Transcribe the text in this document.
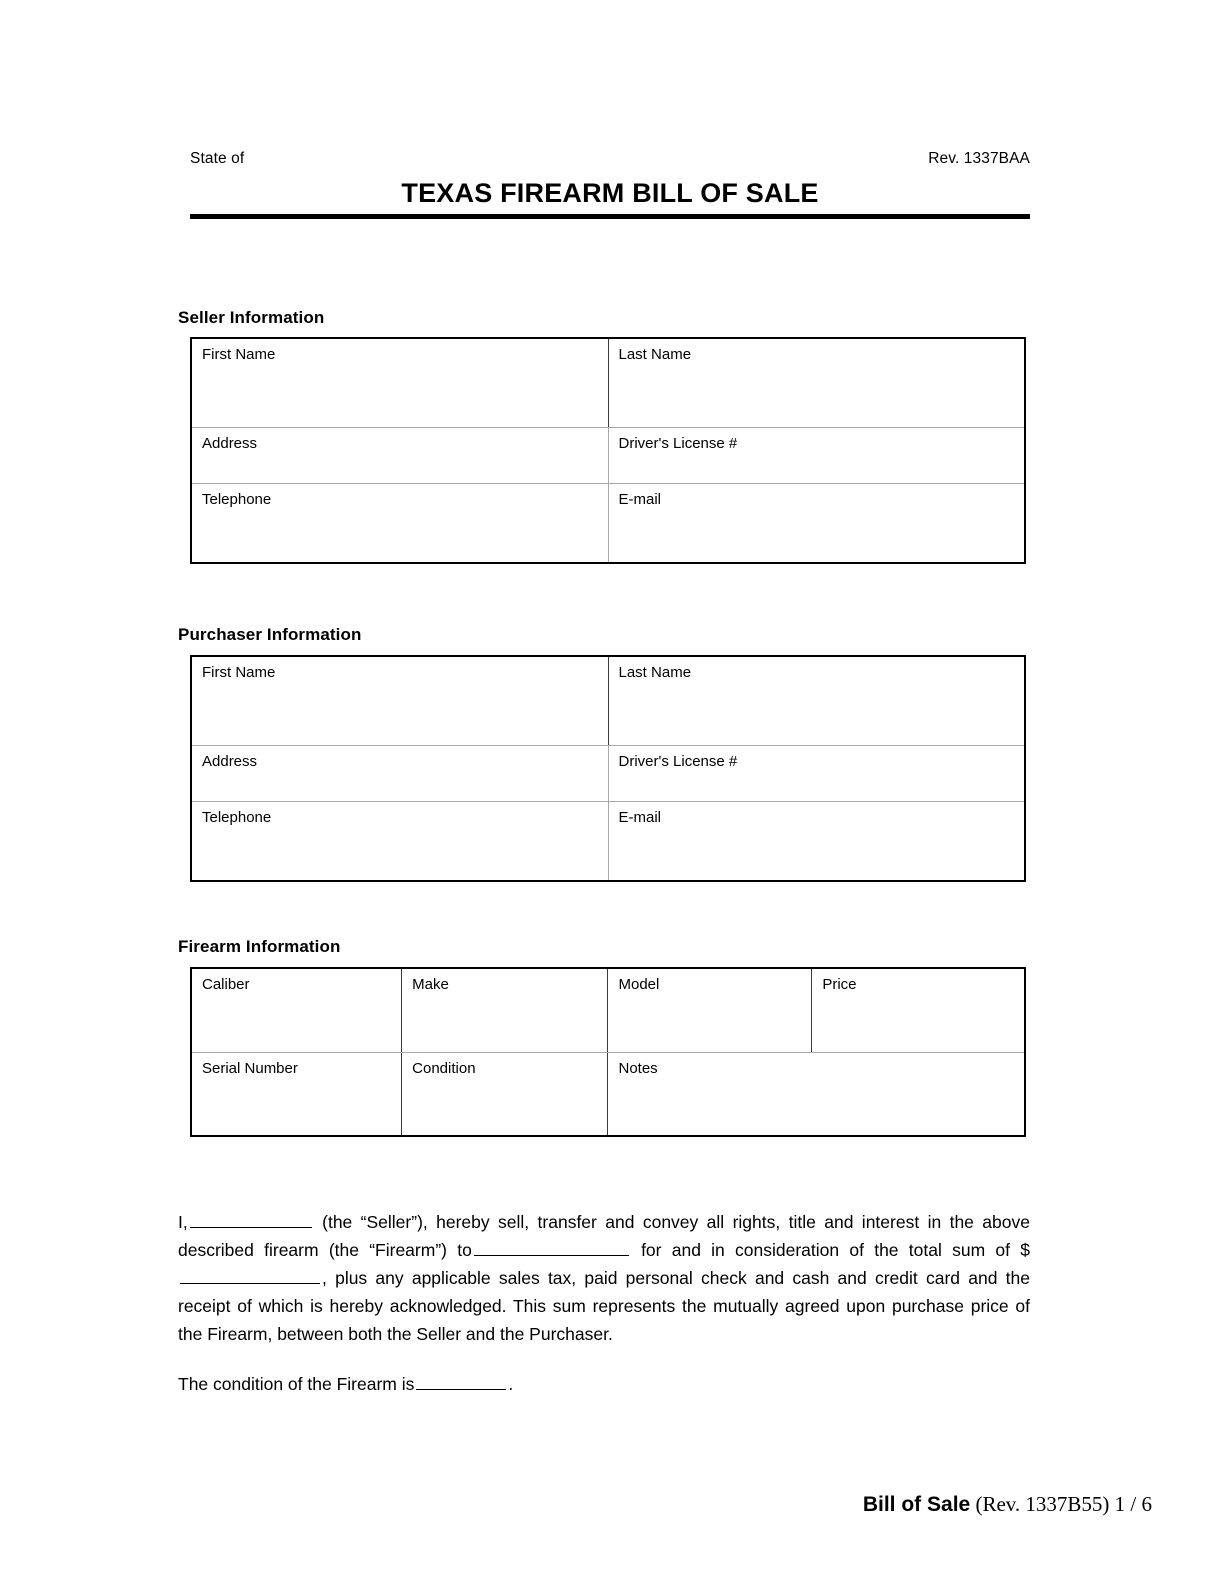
State of	Rev. 1337BAA
TEXAS FIREARM BILL OF SALE
Seller Information
First Name	Last Name
Address	Driver's License #
Telephone	E-mail
Purchaser Information
First Name	Last Name
Address	Driver's License #
Telephone	E-mail
Firearm Information
Caliber	Make	Model	Price
Serial Number	Condition	Notes	
I,	(the “Seller”), hereby sell, transfer and convey all rights, title and interest in the above described firearm (the “Firearm”) to	for and in consideration of the total sum of $, plus any applicable sales tax, paid personal check and cash and credit card and the receipt of which is hereby acknowledged. This sum represents the mutually agreed upon purchase price of the Firearm, between both the Seller and the Purchaser.
The condition of the Firearm is	.
Bill of Sale (Rev. 1337B55) 1 / 6
